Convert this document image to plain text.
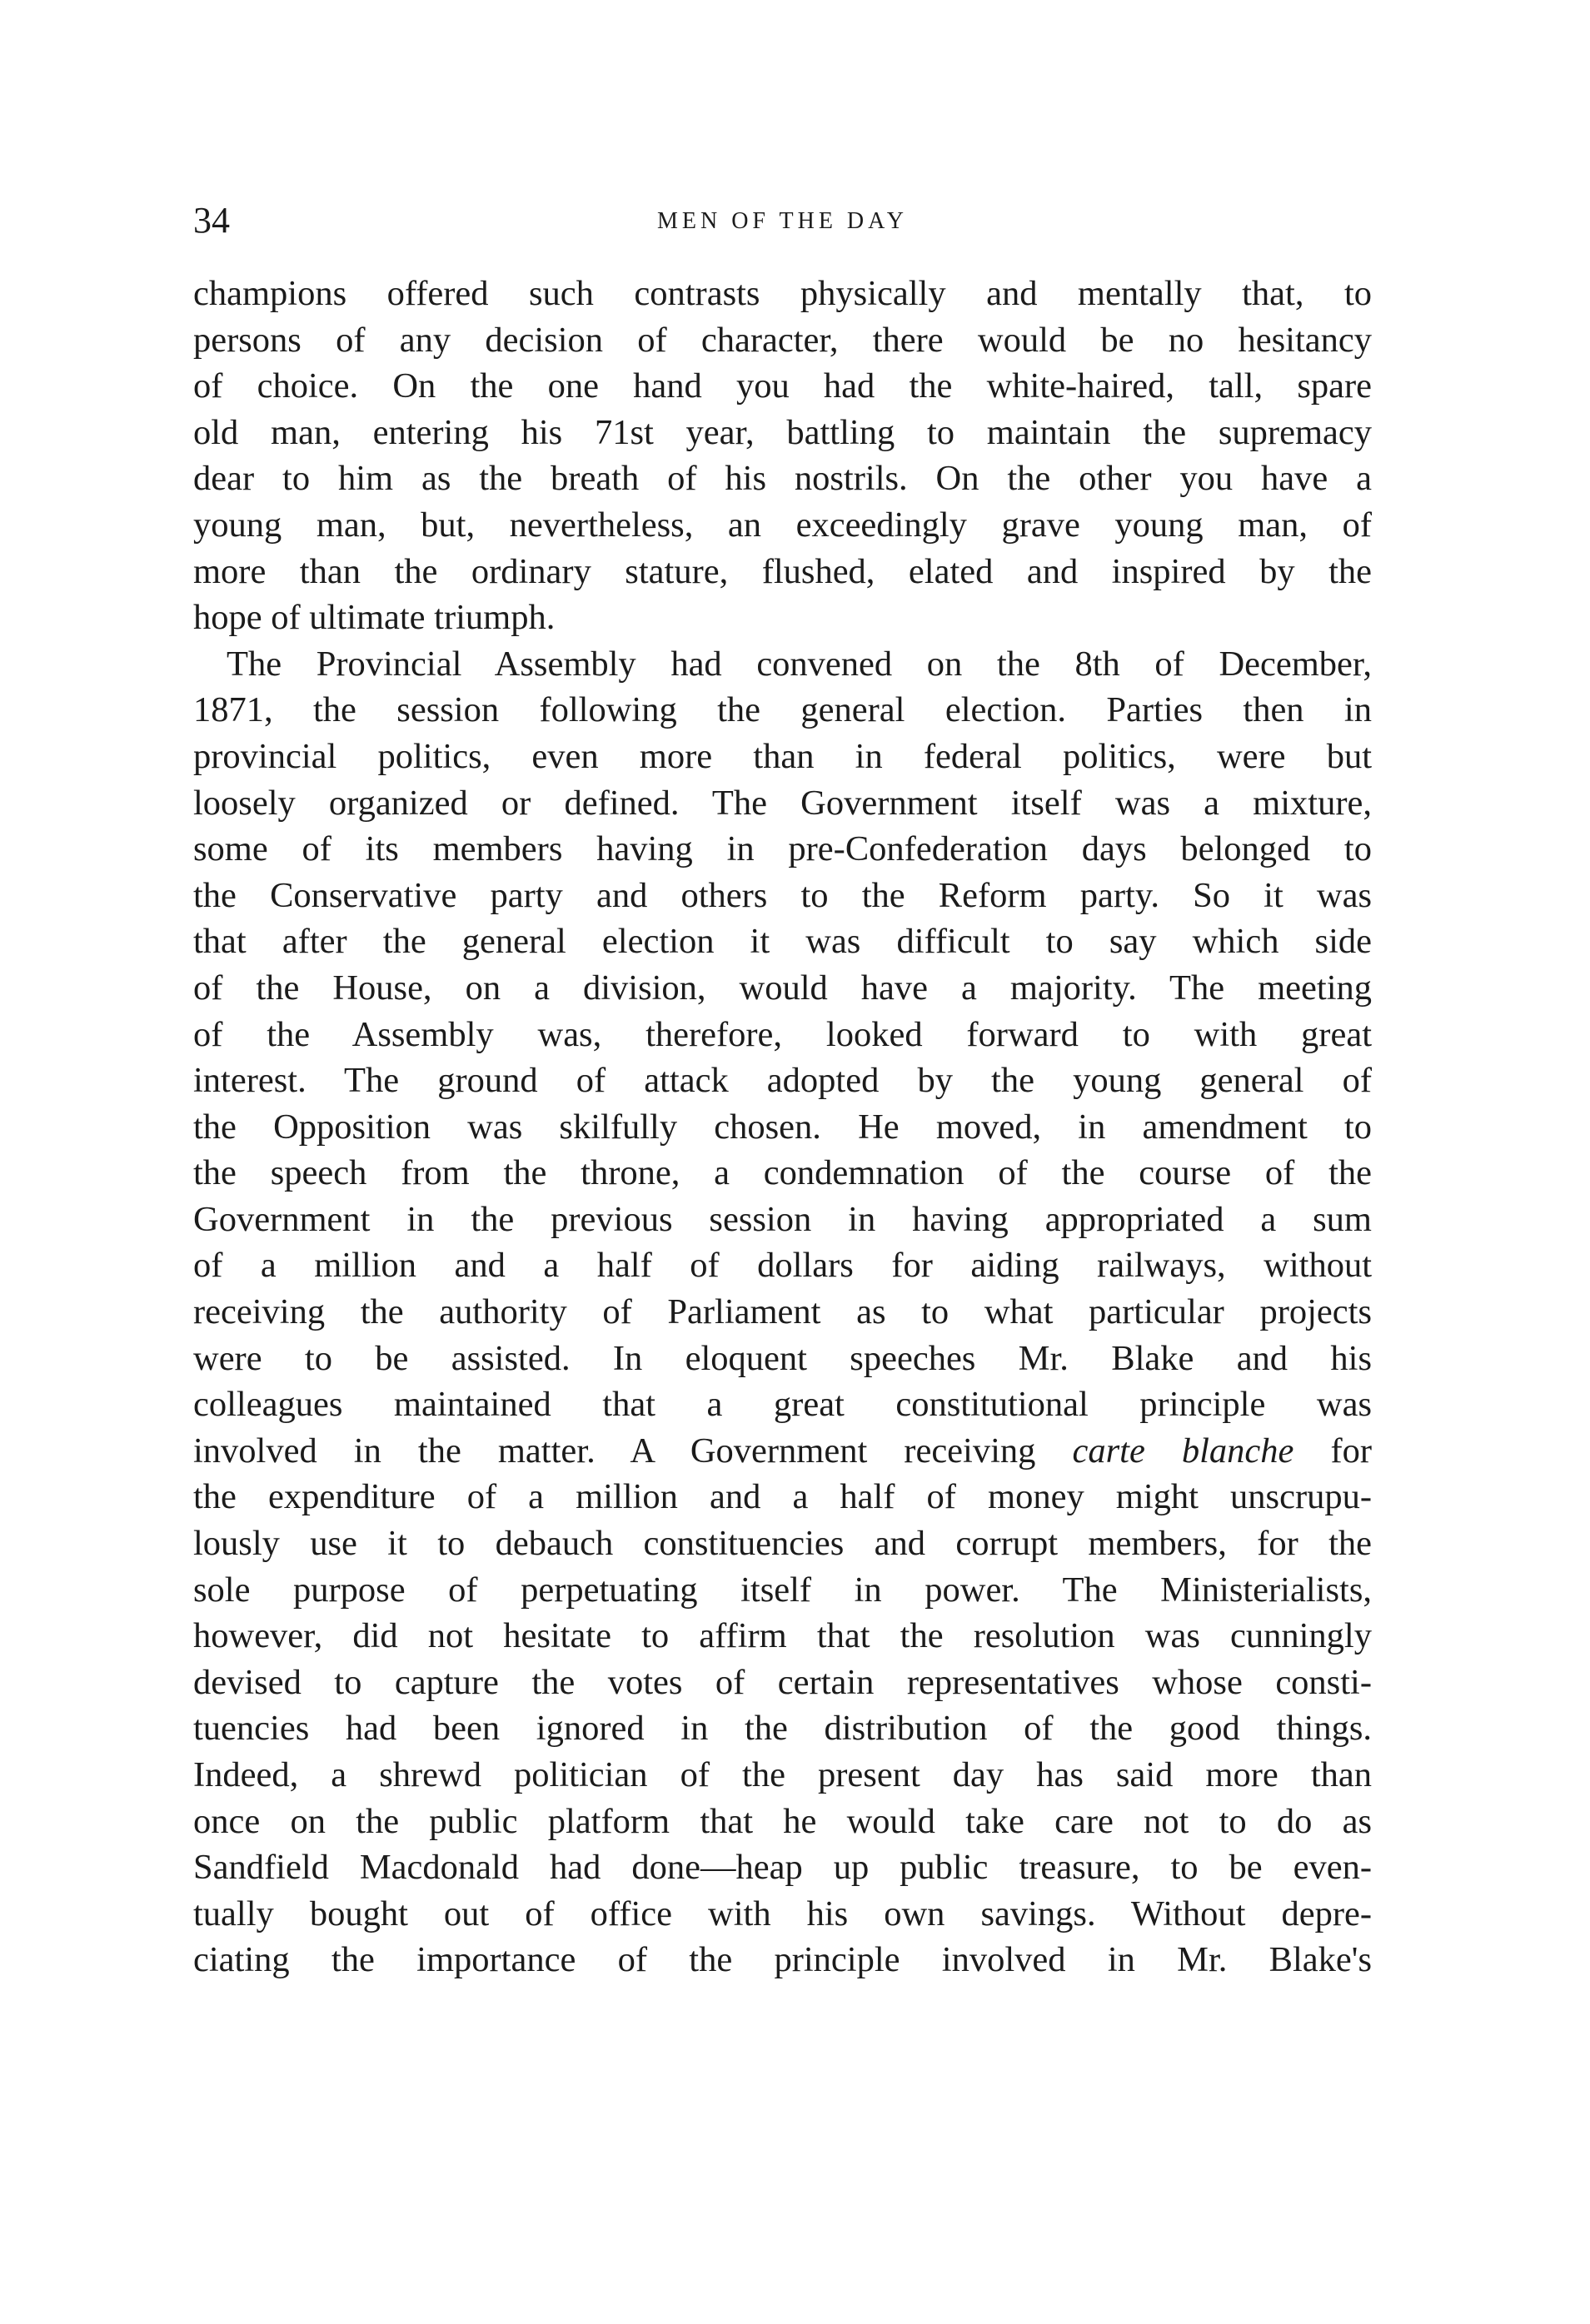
34	MEN OF THE DAY
champions offered such contrasts physically and mentally that, to
persons of any decision of character, there would be no hesitancy
of choice. On the one hand you had the white-haired, tall, spare
old man, entering his 71st year, battling to maintain the supremacy
dear to him as the breath of his nostrils. On the other you have a
young man, but, nevertheless, an exceedingly grave young man, of
more than the ordinary stature, flushed, elated and inspired by the
hope of ultimate triumph.
The Provincial Assembly had convened on the 8th of December,
1871, the session following the general election. Parties then in
provincial politics, even more than in federal politics, were but
loosely organized or defined. The Government itself was a mixture,
some of its members having in pre-Confederation days belonged to
the Conservative party and others to the Reform party. So it was
that after the general election it was difficult to say which side
of the House, on a division, would have a majority. The meeting
of the Assembly was, therefore, looked forward to with great
interest. The ground of attack adopted by the young general of
the Opposition was skilfully chosen. He moved, in amendment to
the speech from the throne, a condemnation of the course of the
Government in the previous session in having appropriated a sum
of a million and a half of dollars for aiding railways, without
receiving the authority of Parliament as to what particular projects
were to be assisted. In eloquent speeches Mr. Blake and his
colleagues maintained that a great constitutional principle was
involved in the matter. A Government receiving carte blanche for
the expenditure of a million and a half of money might unscrupu-
lously use it to debauch constituencies and corrupt members, for the
sole purpose of perpetuating itself in power. The Ministerialists,
however, did not hesitate to affirm that the resolution was cunningly
devised to capture the votes of certain representatives whose consti-
tuencies had been ignored in the distribution of the good things.
Indeed, a shrewd politician of the present day has said more than
once on the public platform that he would take care not to do as
Sandfield Macdonald had done—heap up public treasure, to be even-
tually bought out of office with his own savings. Without depre-
ciating the importance of the principle involved in Mr. Blake's
